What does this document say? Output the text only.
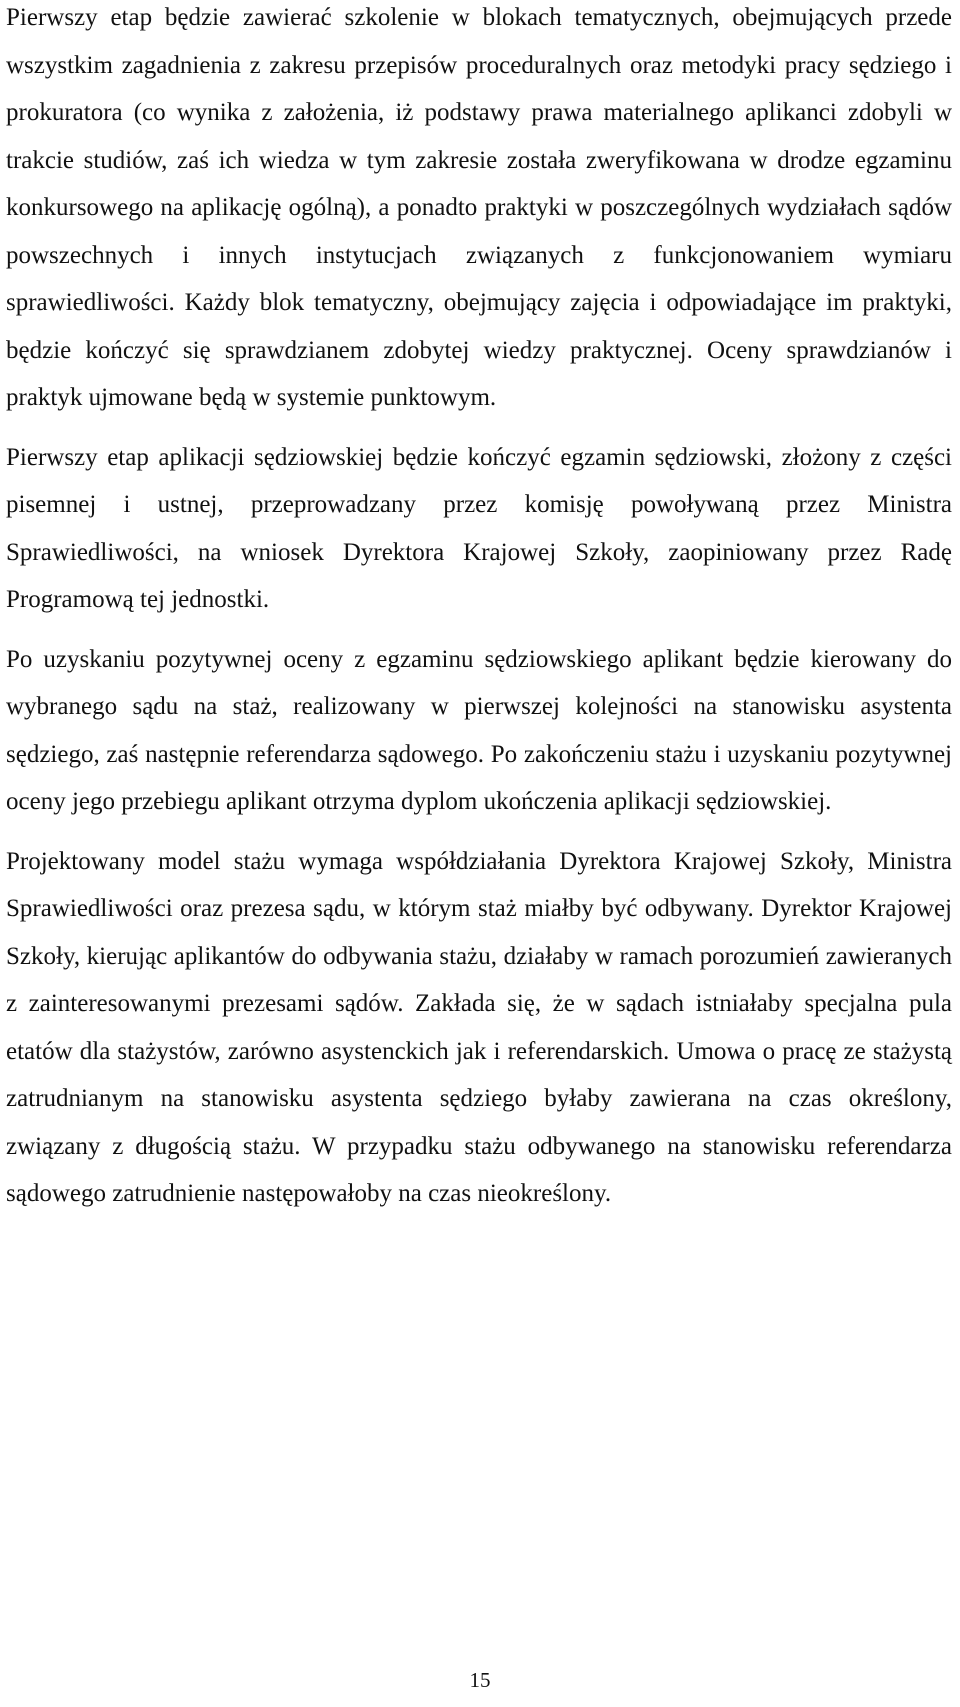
Pierwszy etap będzie zawierać szkolenie w blokach tematycznych, obejmujących przede wszystkim zagadnienia z zakresu przepisów proceduralnych oraz metodyki pracy sędziego i prokuratora (co wynika z założenia, iż podstawy prawa materialnego aplikanci zdobyli w trakcie studiów, zaś ich wiedza w tym zakresie została zweryfikowana w drodze egzaminu konkursowego na aplikację ogólną), a ponadto praktyki w poszczególnych wydziałach sądów powszechnych i innych instytucjach związanych z funkcjonowaniem wymiaru sprawiedliwości. Każdy blok tematyczny, obejmujący zajęcia i odpowiadające im praktyki, będzie kończyć się sprawdzianem zdobytej wiedzy praktycznej. Oceny sprawdzianów i praktyk ujmowane będą w systemie punktowym.

Pierwszy etap aplikacji sędziowskiej będzie kończyć egzamin sędziowski, złożony z części pisemnej i ustnej, przeprowadzany przez komisję powoływaną przez Ministra Sprawiedliwości, na wniosek Dyrektora Krajowej Szkoły, zaopiniowany przez Radę Programową tej jednostki.

Po uzyskaniu pozytywnej oceny z egzaminu sędziowskiego aplikant będzie kierowany do wybranego sądu na staż, realizowany w pierwszej kolejności na stanowisku asystenta sędziego, zaś następnie referendarza sądowego. Po zakończeniu stażu i uzyskaniu pozytywnej oceny jego przebiegu aplikant otrzyma dyplom ukończenia aplikacji sędziowskiej.

Projektowany model stażu wymaga współdziałania Dyrektora Krajowej Szkoły, Ministra Sprawiedliwości oraz prezesa sądu, w którym staż miałby być odbywany. Dyrektor Krajowej Szkoły, kierując aplikantów do odbywania stażu, działaby w ramach porozumień zawieranych z zainteresowanymi prezesami sądów. Zakłada się, że w sądach istniałaby specjalna pula etatów dla stażystów, zarówno asystenckich jak i referendarskich. Umowa o pracę ze stażystą zatrudnianym na stanowisku asystenta sędziego byłaby zawierana na czas określony, związany z długością stażu. W przypadku stażu odbywanego na stanowisku referendarza sądowego zatrudnienie następowałoby na czas nieokreślony.

15
